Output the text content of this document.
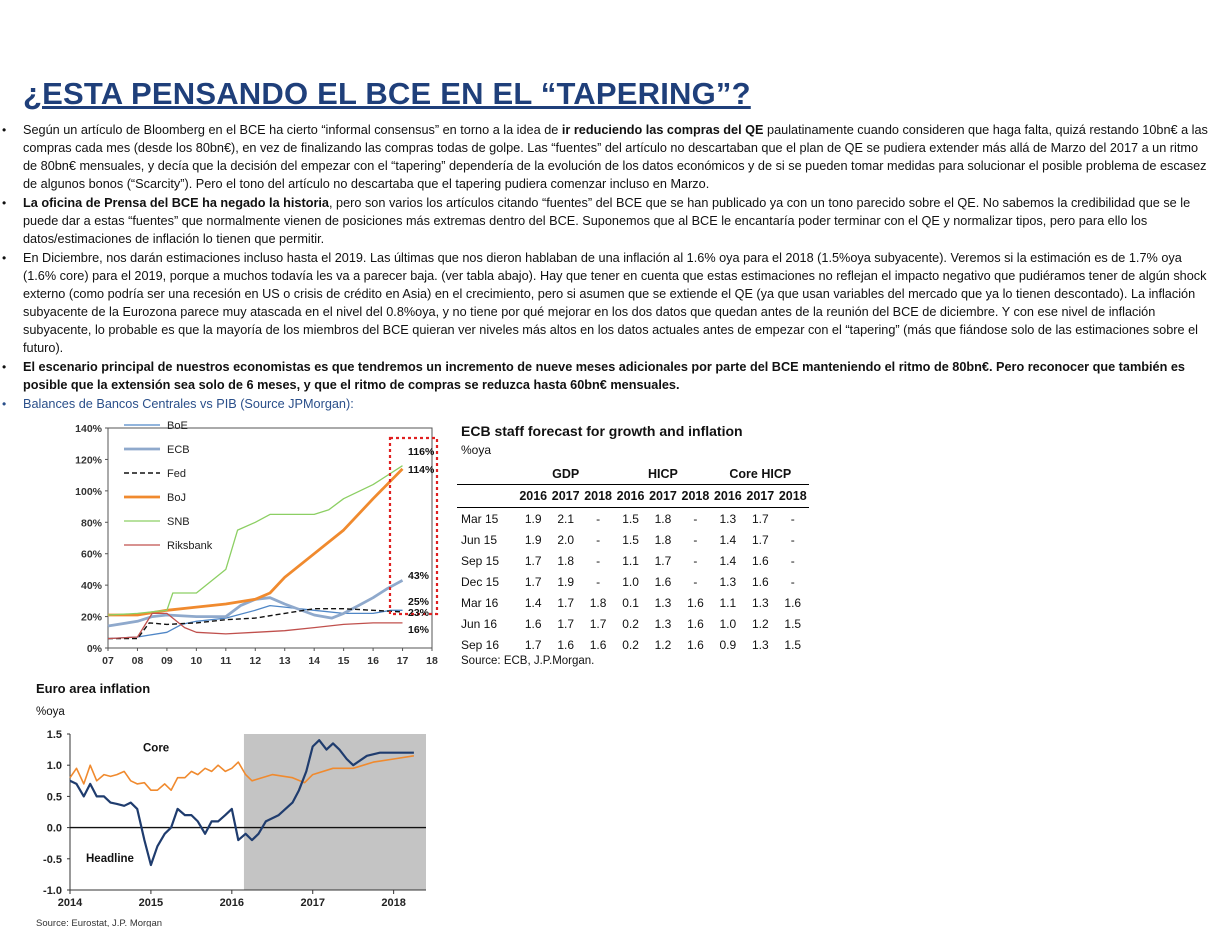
¿ESTA PENSANDO EL BCE EN EL “TAPERING”?
• Según un artículo de Bloomberg en el BCE ha cierto “informal consensus” en torno a la idea de ir reduciendo las compras del QE paulatinamente cuando consideren que haga falta, quizá restando 10bn€ a las compras cada mes (desde los 80bn€), en vez de finalizando las compras todas de golpe. Las “fuentes” del artículo no descartaban que el plan de QE se pudiera extender más allá de Marzo del 2017 a un ritmo de 80bn€ mensuales, y decía que la decisión del empezar con el “tapering” dependería de la evolución de los datos económicos y de si se pueden tomar medidas para solucionar el posible problema de escasez de algunos bonos (“Scarcity”). Pero el tono del artículo no descartaba que el tapering pudiera comenzar incluso en Marzo.
• La oficina de Prensa del BCE ha negado la historia, pero son varios los artículos citando “fuentes” del BCE que se han publicado ya con un tono parecido sobre el QE. No sabemos la credibilidad que se le puede dar a estas “fuentes” que normalmente vienen de posiciones más extremas dentro del BCE. Suponemos que al BCE le encantaría poder terminar con el QE y normalizar tipos, pero para ello los datos/estimaciones de inflación lo tienen que permitir.
• En Diciembre, nos darán estimaciones incluso hasta el 2019. Las últimas que nos dieron hablaban de una inflación al 1.6% oya para el 2018 (1.5%oya subyacente). Veremos si la estimación es de 1.7% oya (1.6% core) para el 2019, porque a muchos todavía les va a parecer baja. (ver tabla abajo). Hay que tener en cuenta que estas estimaciones no reflejan el impacto negativo que pudiéramos tener de algún shock externo (como podría ser una recesión en US o crisis de crédito en Asia) en el crecimiento, pero si asumen que se extiende el QE (ya que usan variables del mercado que ya lo tienen descontado). La inflación subyacente de la Eurozona parece muy atascada en el nivel del 0.8%oya, y no tiene por qué mejorar en los dos datos que quedan antes de la reunión del BCE de diciembre. Y con ese nivel de inflación subyacente, lo probable es que la mayoría de los miembros del BCE quieran ver niveles más altos en los datos actuales antes de empezar con el “tapering” (más que fiándose solo de las estimaciones sobre el futuro).
• El escenario principal de nuestros economistas es que tendremos un incremento de nueve meses adicionales por parte del BCE manteniendo el ritmo de 80bn€. Pero reconocer que también es posible que la extensión sea solo de 6 meses, y que el ritmo de compras se reduzca hasta 60bn€ mensuales.
• Balances de Bancos Centrales vs PIB (Source JPMorgan):
0%
20%
40%
60%
80%
100%
120%
140%
07 08 09 10 11 12 13 14 15 16 17 18
BoE
ECB
Fed
BoJ
SNB
Riksbank
116%
114%
43%
25%
23%
16%
ECB staff forecast for growth and inflation
%oya
	GDP			HICP			Core HICP		
	2016	2017	2018	2016	2017	2018	2016	2017	2018
Mar 15	1.9	2.1	-	1.5	1.8	-	1.3	1.7	-
Jun 15	1.9	2.0	-	1.5	1.8	-	1.4	1.7	-
Sep 15	1.7	1.8	-	1.1	1.7	-	1.4	1.6	-
Dec 15	1.7	1.9	-	1.0	1.6	-	1.3	1.6	-
Mar 16	1.4	1.7	1.8	0.1	1.3	1.6	1.1	1.3	1.6
Jun 16	1.6	1.7	1.7	0.2	1.3	1.6	1.0	1.2	1.5
Sep 16	1.7	1.6	1.6	0.2	1.2	1.6	0.9	1.3	1.5
Source: ECB, J.P.Morgan.
Euro area inflation
%oya
1.5
1.0
0.5
0.0
-0.5
-1.0
2014	2015	2016	2017	2018
Core
Headline
Source: Eurostat, J.P. Morgan
